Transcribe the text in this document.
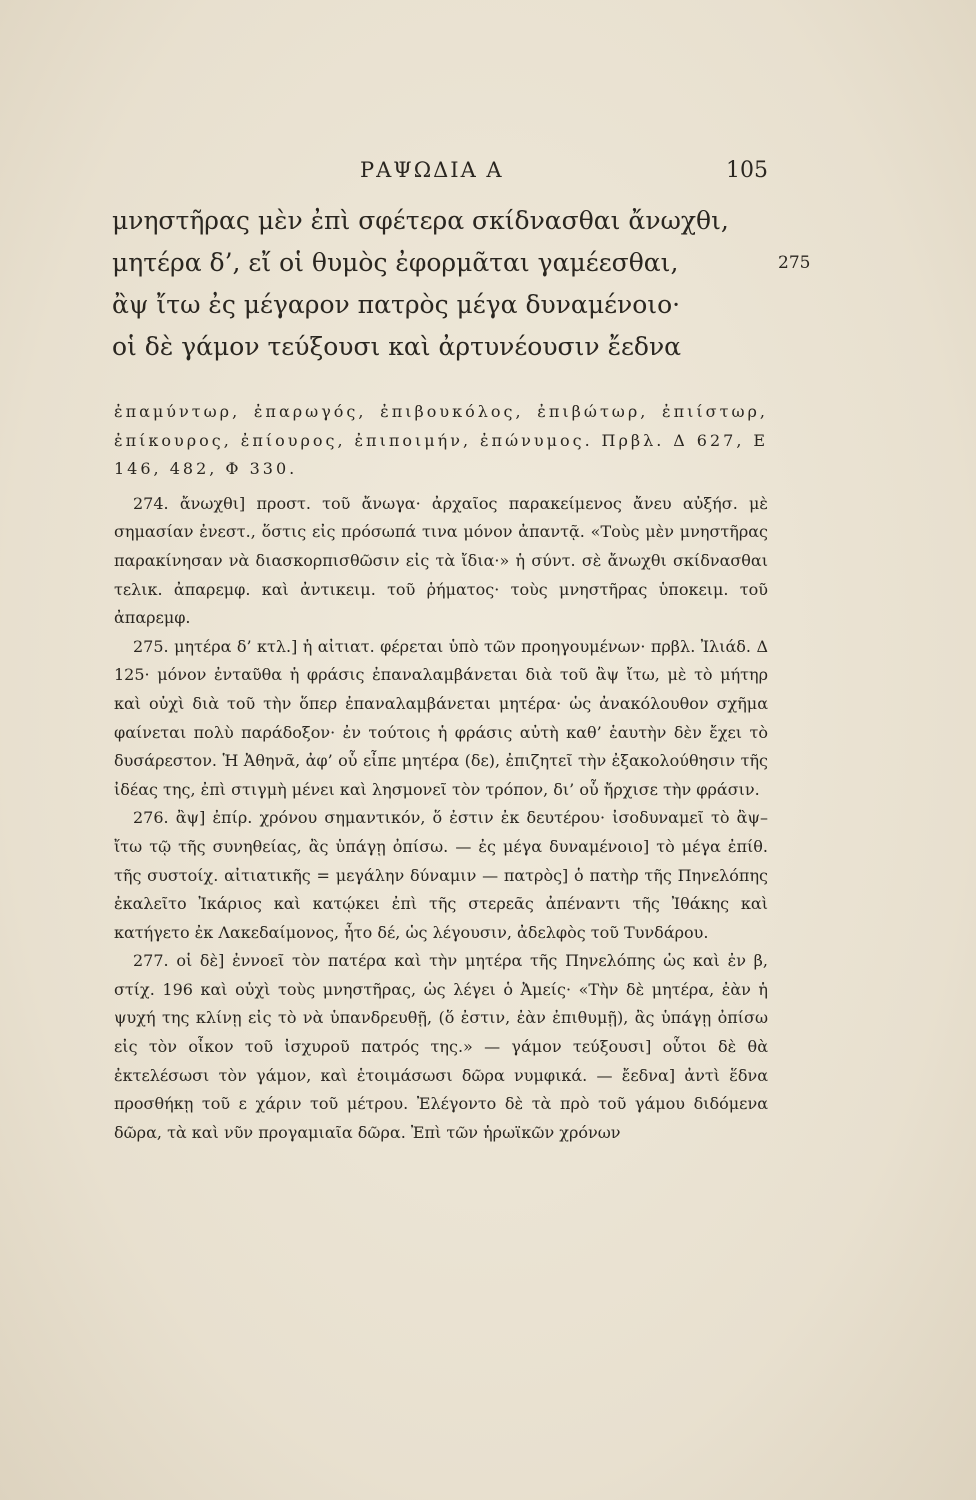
ΡΑΨΩΔΙΑ Α	105
μνηστῆρας μὲν ἐπὶ σφέτερα σκίδνασθαι ἄνωχθι,
μητέρα δ’, εἴ οἱ θυμὸς ἐφορμᾶται γαμέεσθαι,	275
ἂψ ἴτω ἐς μέγαρον πατρὸς μέγα δυναμένοιο·
οἱ δὲ γάμον τεύξουσι καὶ ἀρτυνέουσιν ἔεδνα

ἐπαμύντωρ, ἐπαρωγός, ἐπιβουκόλος, ἐπιβώτωρ, ἐπιίστωρ, ἐπίκουρος, ἐπίουρος, ἐπιποιμήν, ἐπώνυμος. Πρβλ. Δ 627, Ε 146, 482, Φ 330.

274. ἄνωχθι] προστ. τοῦ ἄνωγα· ἀρχαῖος παρακείμενος ἄνευ αὐξήσ. μὲ σημασίαν ἐνεστ., ὅστις εἰς πρόσωπά τινα μόνον ἀπαντᾷ. «Τοὺς μὲν μνηστῆρας παρακίνησαν νὰ διασκορπισθῶσιν εἰς τὰ ἴδια·» ἡ σύντ. σὲ ἄνωχθι σκίδνασθαι τελικ. ἀπαρεμφ. καὶ ἀντικειμ. τοῦ ῥήματος· τοὺς μνηστῆρας ὑποκειμ. τοῦ ἀπαρεμφ.

275. μητέρα δ’ κτλ.] ἡ αἰτιατ. φέρεται ὑπὸ τῶν προηγουμένων· πρβλ. Ἰλιάδ. Δ 125· μόνον ἐνταῦθα ἡ φράσις ἐπαναλαμβάνεται διὰ τοῦ ἂψ ἴτω, μὲ τὸ μήτηρ καὶ οὐχὶ διὰ τοῦ τὴν ὅπερ ἐπαναλαμβάνεται μητέρα· ὡς ἀνακόλουθον σχῆμα φαίνεται πολὺ παράδοξον· ἐν τούτοις ἡ φράσις αὐτὴ καθ’ ἑαυτὴν δὲν ἔχει τὸ δυσάρεστον. Ἡ Ἀθηνᾶ, ἀφ’ οὗ εἶπε μητέρα (δε), ἐπιζητεῖ τὴν ἐξακολούθησιν τῆς ἰδέας της, ἐπὶ στιγμὴ μένει καὶ λησμονεῖ τὸν τρόπον, δι’ οὗ ἤρχισε τὴν φράσιν.

276. ἂψ] ἐπίρ. χρόνου σημαντικόν, ὅ ἐστιν ἐκ δευτέρου· ἰσοδυναμεῖ τὸ ἂψ–ἴτω τῷ τῆς συνηθείας, ἂς ὑπάγῃ ὀπίσω. — ἐς μέγα δυναμένοιο] τὸ μέγα ἐπίθ. τῆς συστοίχ. αἰτιατικῆς = μεγάλην δύναμιν — πατρὸς] ὁ πατὴρ τῆς Πηνελόπης ἐκαλεῖτο Ἰκάριος καὶ κατῴκει ἐπὶ τῆς στερεᾶς ἀπέναντι τῆς Ἰθάκης καὶ κατήγετο ἐκ Λακεδαίμονος, ἦτο δέ, ὡς λέγουσιν, ἀδελφὸς τοῦ Τυνδάρου.

277. οἱ δὲ] ἐννοεῖ τὸν πατέρα καὶ τὴν μητέρα τῆς Πηνελόπης ὡς καὶ ἐν β, στίχ. 196 καὶ οὐχὶ τοὺς μνηστῆρας, ὡς λέγει ὁ Ἀμείς· «Τὴν δὲ μητέρα, ἐὰν ἡ ψυχή της κλίνῃ εἰς τὸ νὰ ὑπανδρευθῇ, (ὅ ἐστιν, ἐὰν ἐπιθυμῇ), ἂς ὑπάγῃ ὀπίσω εἰς τὸν οἶκον τοῦ ἰσχυροῦ πατρός της.» — γάμον τεύξουσι] οὗτοι δὲ θὰ ἐκτελέσωσι τὸν γάμον, καὶ ἑτοιμάσωσι δῶρα νυμφικά. — ἔεδνα] ἀντὶ ἕδνα προσθήκῃ τοῦ ε χάριν τοῦ μέτρου. Ἐλέγοντο δὲ τὰ πρὸ τοῦ γάμου διδόμενα δῶρα, τὰ καὶ νῦν προγαμιαῖα δῶρα. Ἐπὶ τῶν ἡρωϊκῶν χρόνων
